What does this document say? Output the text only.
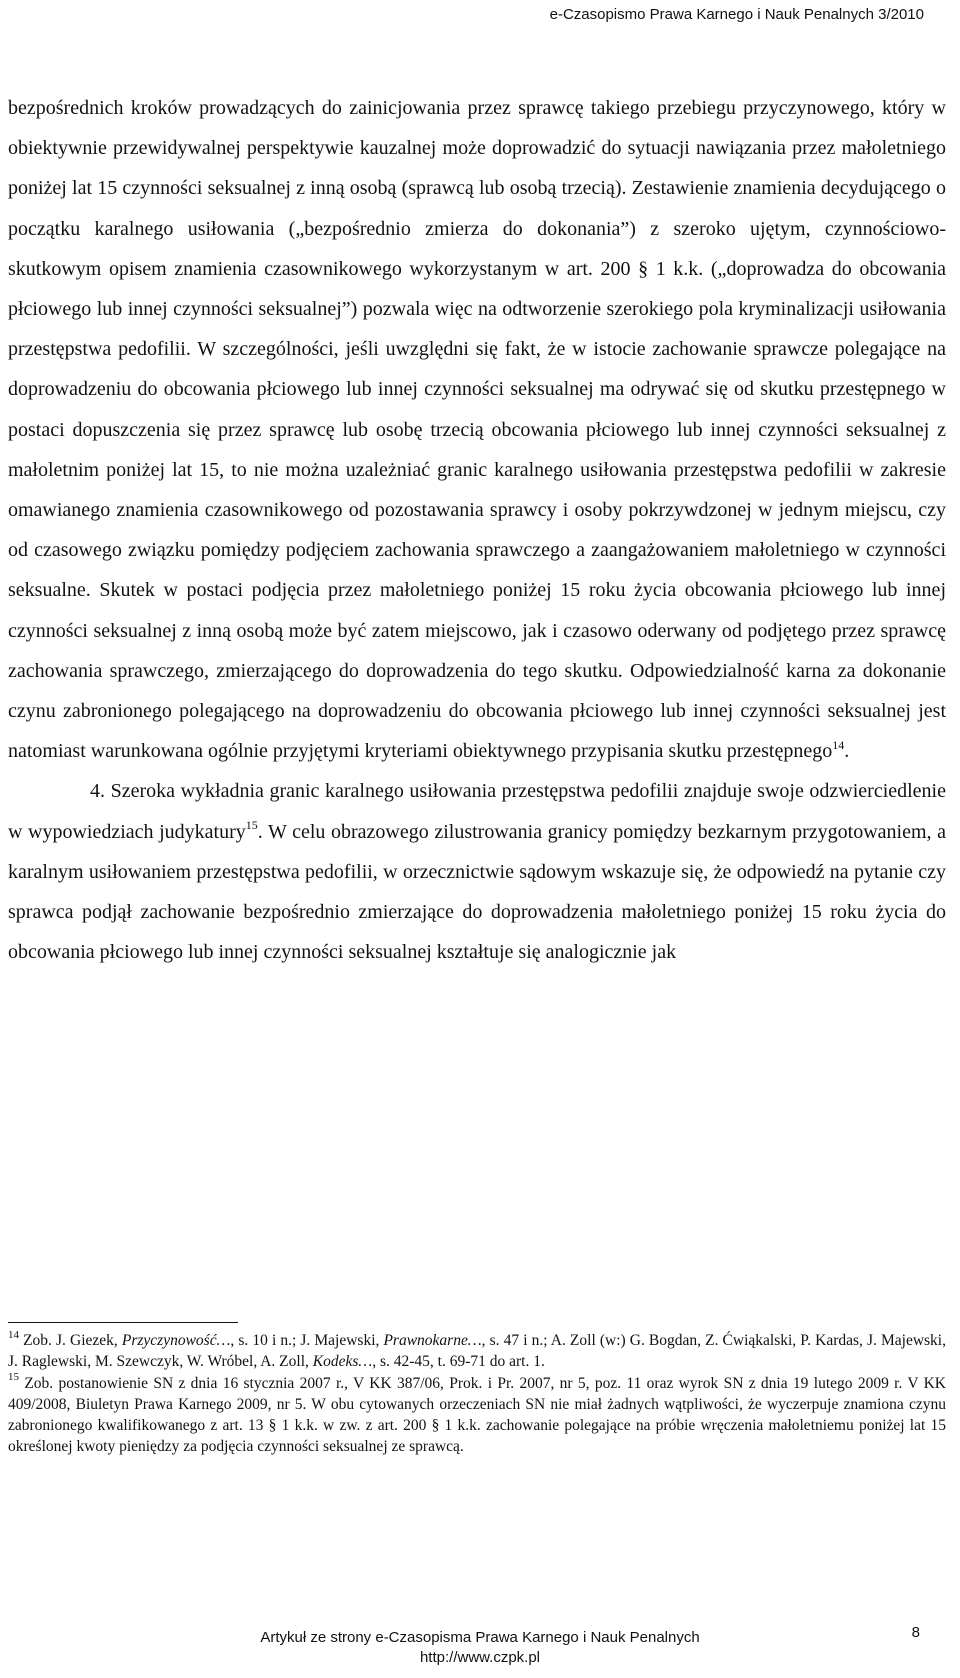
e-Czasopismo Prawa Karnego i Nauk Penalnych 3/2010

bezpośrednich kroków prowadzących do zainicjowania przez sprawcę takiego przebiegu przyczynowego, który w obiektywnie przewidywalnej perspektywie kauzalnej może doprowadzić do sytuacji nawiązania przez małoletniego poniżej lat 15 czynności seksualnej z inną osobą (sprawcą lub osobą trzecią). Zestawienie znamienia decydującego o początku karalnego usiłowania („bezpośrednio zmierza do dokonania”) z szeroko ujętym, czynnościowo-skutkowym opisem znamienia czasownikowego wykorzystanym w art. 200 § 1 k.k. („doprowadza do obcowania płciowego lub innej czynności seksualnej”) pozwala więc na odtworzenie szerokiego pola kryminalizacji usiłowania przestępstwa pedofilii. W szczególności, jeśli uwzględni się fakt, że w istocie zachowanie sprawcze polegające na doprowadzeniu do obcowania płciowego lub innej czynności seksualnej ma odrywać się od skutku przestępnego w postaci dopuszczenia się przez sprawcę lub osobę trzecią obcowania płciowego lub innej czynności seksualnej z małoletnim poniżej lat 15, to nie można uzależniać granic karalnego usiłowania przestępstwa pedofilii w zakresie omawianego znamienia czasownikowego od pozostawania sprawcy i osoby pokrzywdzonej w jednym miejscu, czy od czasowego związku pomiędzy podjęciem zachowania sprawczego a zaangażowaniem małoletniego w czynności seksualne. Skutek w postaci podjęcia przez małoletniego poniżej 15 roku życia obcowania płciowego lub innej czynności seksualnej z inną osobą może być zatem miejscowo, jak i czasowo oderwany od podjętego przez sprawcę zachowania sprawczego, zmierzającego do doprowadzenia do tego skutku. Odpowiedzialność karna za dokonanie czynu zabronionego polegającego na doprowadzeniu do obcowania płciowego lub innej czynności seksualnej jest natomiast warunkowana ogólnie przyjętymi kryteriami obiektywnego przypisania skutku przestępnego$^{14}$.

4. Szeroka wykładnia granic karalnego usiłowania przestępstwa pedofilii znajduje swoje odzwierciedlenie w wypowiedziach judykatury$^{15}$. W celu obrazowego zilustrowania granicy pomiędzy bezkarnym przygotowaniem, a karalnym usiłowaniem przestępstwa pedofilii, w orzecznictwie sądowym wskazuje się, że odpowiedź na pytanie czy sprawca podjął zachowanie bezpośrednio zmierzające do doprowadzenia małoletniego poniżej 15 roku życia do obcowania płciowego lub innej czynności seksualnej kształtuje się analogicznie jak

$^{14}$ Zob. J. Giezek, Przyczynowość…, s. 10 i n.; J. Majewski, Prawnokarne…, s. 47 i n.; A. Zoll (w:) G. Bogdan, Z. Ćwiąkalski, P. Kardas, J. Majewski, J. Raglewski, M. Szewczyk, W. Wróbel, A. Zoll, Kodeks…, s. 42-45, t. 69-71 do art. 1.

$^{15}$ Zob. postanowienie SN z dnia 16 stycznia 2007 r., V KK 387/06, Prok. i Pr. 2007, nr 5, poz. 11 oraz wyrok SN z dnia 19 lutego 2009 r. V KK 409/2008, Biuletyn Prawa Karnego 2009, nr 5. W obu cytowanych orzeczeniach SN nie miał żadnych wątpliwości, że wyczerpuje znamiona czynu zabronionego kwalifikowanego z art. 13 § 1 k.k. w zw. z art. 200 § 1 k.k. zachowanie polegające na próbie wręczenia małoletniemu poniżej lat 15 określonej kwoty pieniędzy za podjęcia czynności seksualnej ze sprawcą.

Artykuł ze strony e-Czasopisma Prawa Karnego i Nauk Penalnych
http://www.czpk.pl
8
